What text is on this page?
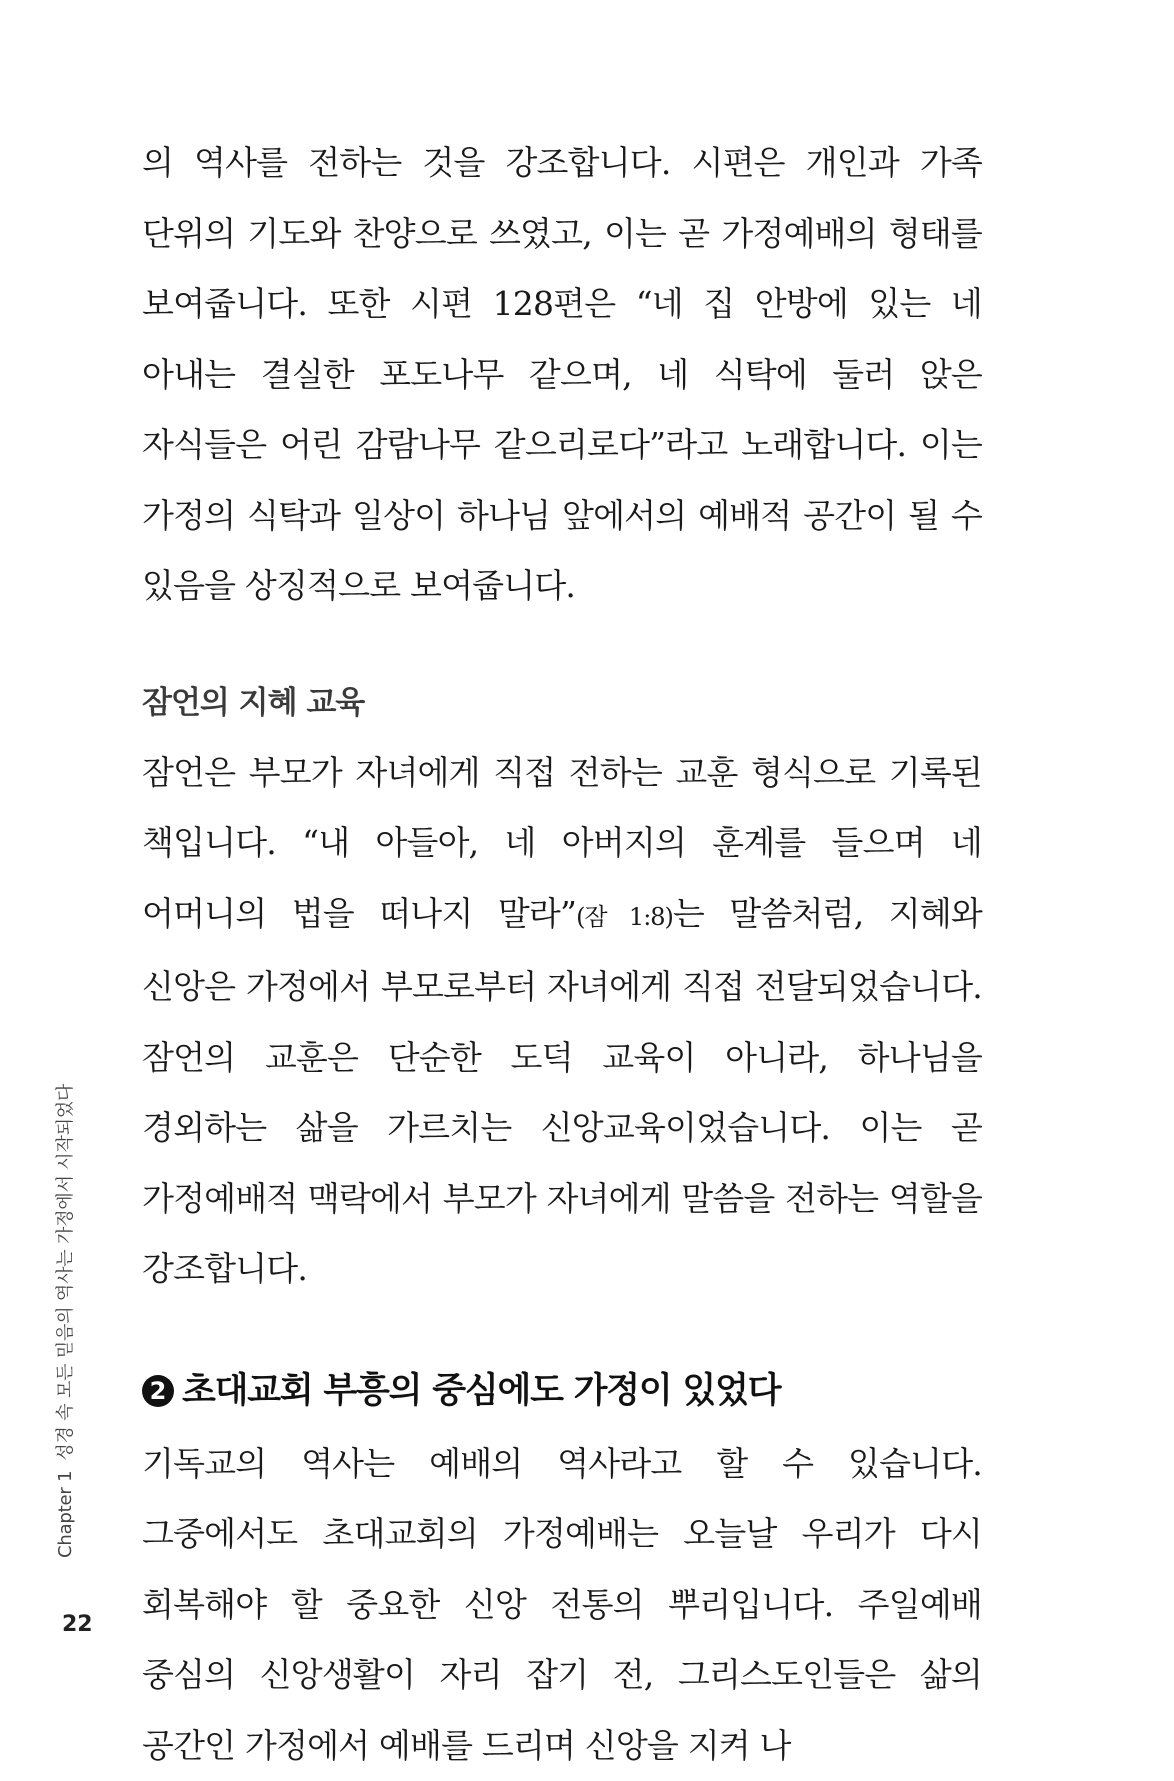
의 역사를 전하는 것을 강조합니다. 시편은 개인과 가족 단위의 기도와 찬양으로 쓰였고, 이는 곧 가정예배의 형태를 보여줍니다. 또한 시편 128편은 “네 집 안방에 있는 네 아내는 결실한 포도나무 같으며, 네 식탁에 둘러 앉은 자식들은 어린 감람나무 같으리로다”라고 노래합니다. 이는 가정의 식탁과 일상이 하나님 앞에서의 예배적 공간이 될 수 있음을 상징적으로 보여줍니다.

잠언의 지혜 교육

잠언은 부모가 자녀에게 직접 전하는 교훈 형식으로 기록된 책입니다. “내 아들아, 네 아버지의 훈계를 들으며 네 어머니의 법을 떠나지 말라”(잠 1:8)는 말씀처럼, 지혜와 신앙은 가정에서 부모로부터 자녀에게 직접 전달되었습니다. 잠언의 교훈은 단순한 도덕 교육이 아니라, 하나님을 경외하는 삶을 가르치는 신앙교육이었습니다. 이는 곧 가정예배적 맥락에서 부모가 자녀에게 말씀을 전하는 역할을 강조합니다.

2 초대교회 부흥의 중심에도 가정이 있었다

기독교의 역사는 예배의 역사라고 할 수 있습니다. 그중에서도 초대교회의 가정예배는 오늘날 우리가 다시 회복해야 할 중요한 신앙 전통의 뿌리입니다. 주일예배 중심의 신앙생활이 자리 잡기 전, 그리스도인들은 삶의 공간인 가정에서 예배를 드리며 신앙을 지켜 나

Chapter 1성경 속 모든 믿음의 역사는 가정에서 시작되었다
22
